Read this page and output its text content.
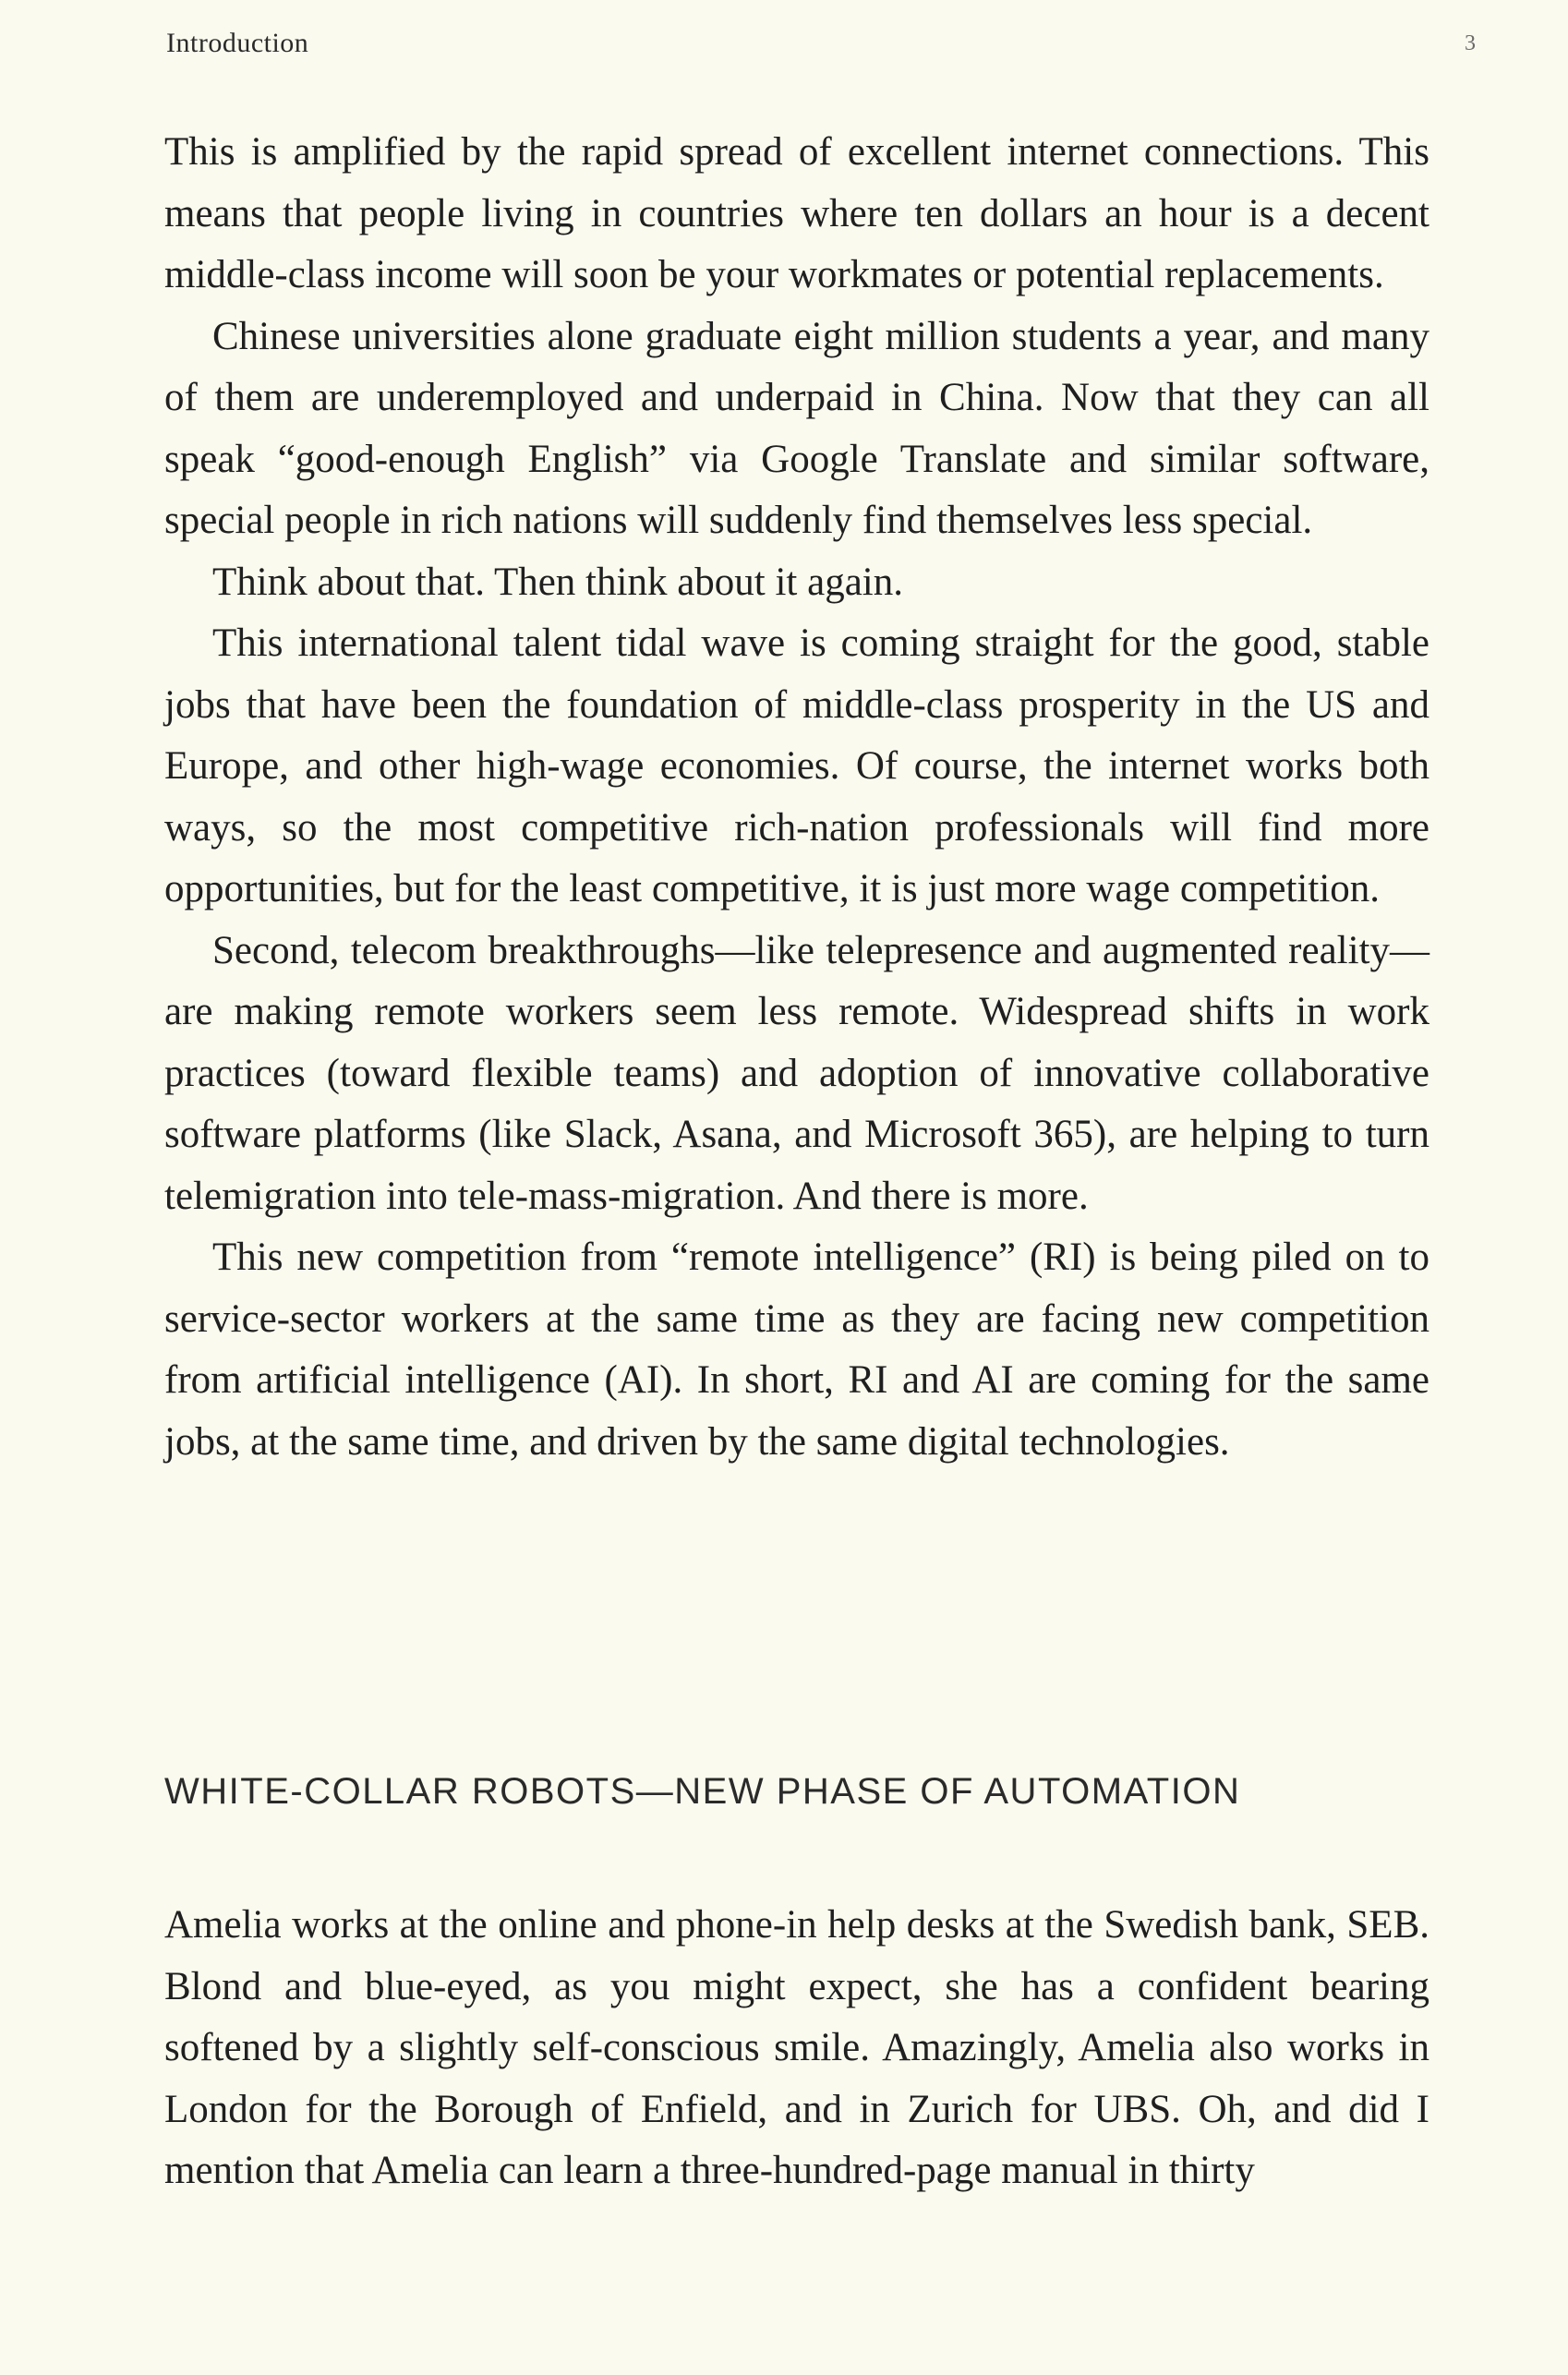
Introduction	3

This is amplified by the rapid spread of excellent internet connections. This means that people living in countries where ten dollars an hour is a decent middle-class income will soon be your workmates or potential replacements.

Chinese universities alone graduate eight million students a year, and many of them are underemployed and underpaid in China. Now that they can all speak “good-enough English” via Google Translate and similar software, special people in rich nations will suddenly find themselves less special.

Think about that. Then think about it again.

This international talent tidal wave is coming straight for the good, stable jobs that have been the foundation of middle-class prosperity in the US and Europe, and other high-wage economies. Of course, the internet works both ways, so the most competitive rich-nation professionals will find more opportunities, but for the least competitive, it is just more wage competition.

Second, telecom breakthroughs—like telepresence and augmented reality—are making remote workers seem less remote. Widespread shifts in work practices (toward flexible teams) and adoption of innovative collaborative software platforms (like Slack, Asana, and Microsoft 365), are helping to turn telemigration into tele-mass-migration. And there is more.

This new competition from “remote intelligence” (RI) is being piled on to service-sector workers at the same time as they are facing new competition from artificial intelligence (AI). In short, RI and AI are coming for the same jobs, at the same time, and driven by the same digital technologies.

WHITE-COLLAR ROBOTS—NEW PHASE OF AUTOMATION

Amelia works at the online and phone-in help desks at the Swedish bank, SEB. Blond and blue-eyed, as you might expect, she has a confident bearing softened by a slightly self-conscious smile. Amazingly, Amelia also works in London for the Borough of Enfield, and in Zurich for UBS. Oh, and did I mention that Amelia can learn a three-hundred-page manual in thirty
